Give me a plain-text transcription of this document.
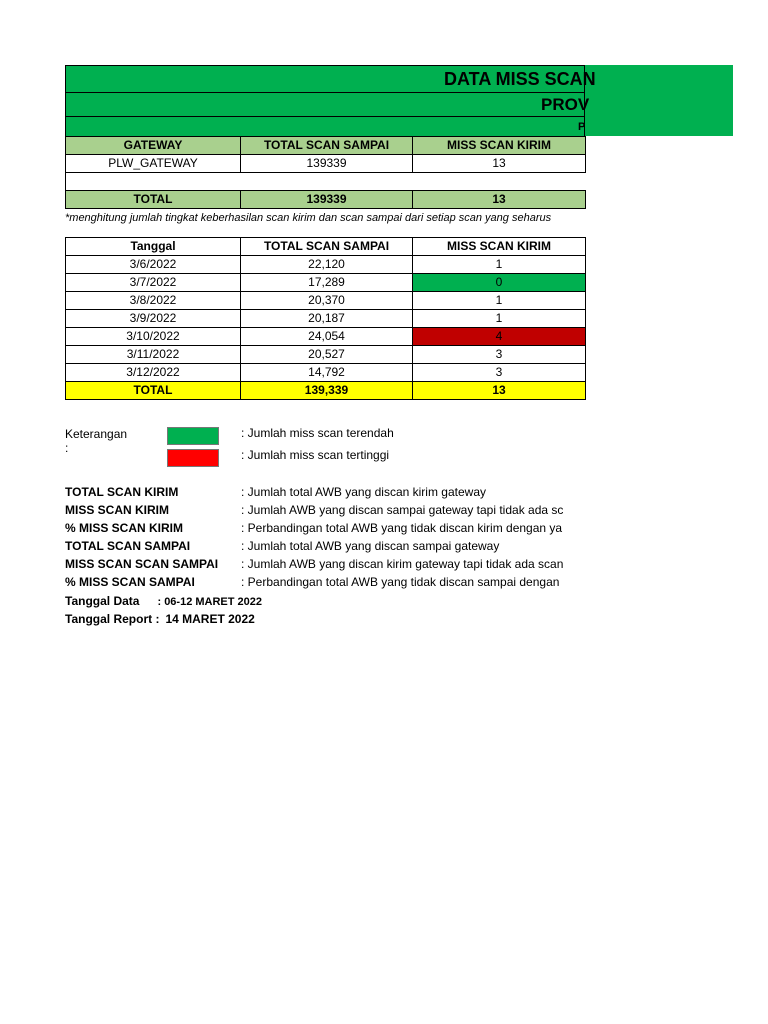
DATA MISS SCAN
PROV
P
GATEWAY	TOTAL SCAN SAMPAI	MISS SCAN KIRIM
PLW_GATEWAY	139339	13

TOTAL	139339	13
*menghitung jumlah tingkat keberhasilan scan kirim dan scan sampai dari setiap scan yang seharus
Tanggal	TOTAL SCAN SAMPAI	MISS SCAN KIRIM
3/6/2022	22,120	1
3/7/2022	17,289	0
3/8/2022	20,370	1
3/9/2022	20,187	1
3/10/2022	24,054	4
3/11/2022	20,527	3
3/12/2022	14,792	3
TOTAL	139,339	13
Keterangan :
: Jumlah miss scan terendah
: Jumlah miss scan tertinggi
TOTAL SCAN KIRIM	: Jumlah total AWB yang discan kirim gateway
MISS SCAN KIRIM	: Jumlah AWB yang discan sampai gateway tapi tidak ada sc
% MISS SCAN KIRIM	: Perbandingan total AWB yang tidak discan kirim dengan ya
TOTAL SCAN SAMPAI	: Jumlah total AWB yang discan sampai gateway
MISS SCAN SCAN SAMPAI : Jumlah AWB yang discan kirim gateway tapi tidak ada scan
% MISS SCAN SAMPAI	: Perbandingan total AWB yang tidak discan sampai dengan
Tanggal Data : 06-12 MARET 2022
Tanggal Report : 14 MARET 2022
